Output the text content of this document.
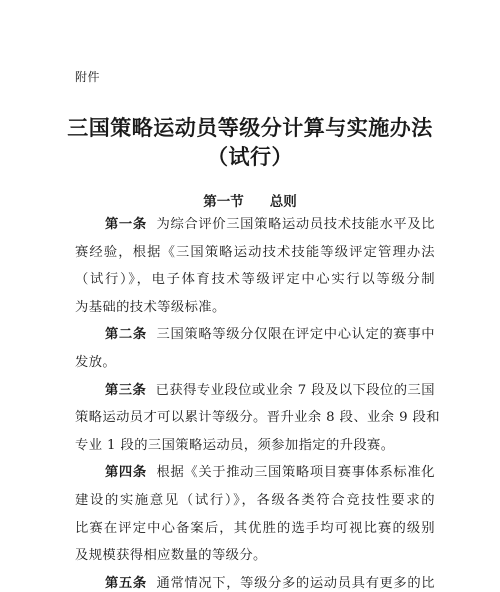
附件
三国策略运动员等级分计算与实施办法
（试行）
第一节 总则
第一条 为综合评价三国策略运动员技术技能水平及比
赛经验，根据《三国策略运动技术技能等级评定管理办法
（试行）》，电子体育技术等级评定中心实行以等级分制
为基础的技术等级标准。
第二条 三国策略等级分仅限在评定中心认定的赛事中
发放。
第三条 已获得专业段位或业余 7 段及以下段位的三国
策略运动员才可以累计等级分。晋升业余 8 段、业余 9 段和
专业 1 段的三国策略运动员，须参加指定的升段赛。
第四条 根据《关于推动三国策略项目赛事体系标准化
建设的实施意见（试行）》，各级各类符合竞技性要求的
比赛在评定中心备案后，其优胜的选手均可视比赛的级别
及规模获得相应数量的等级分。
第五条 通常情况下，等级分多的运动员具有更多的比
